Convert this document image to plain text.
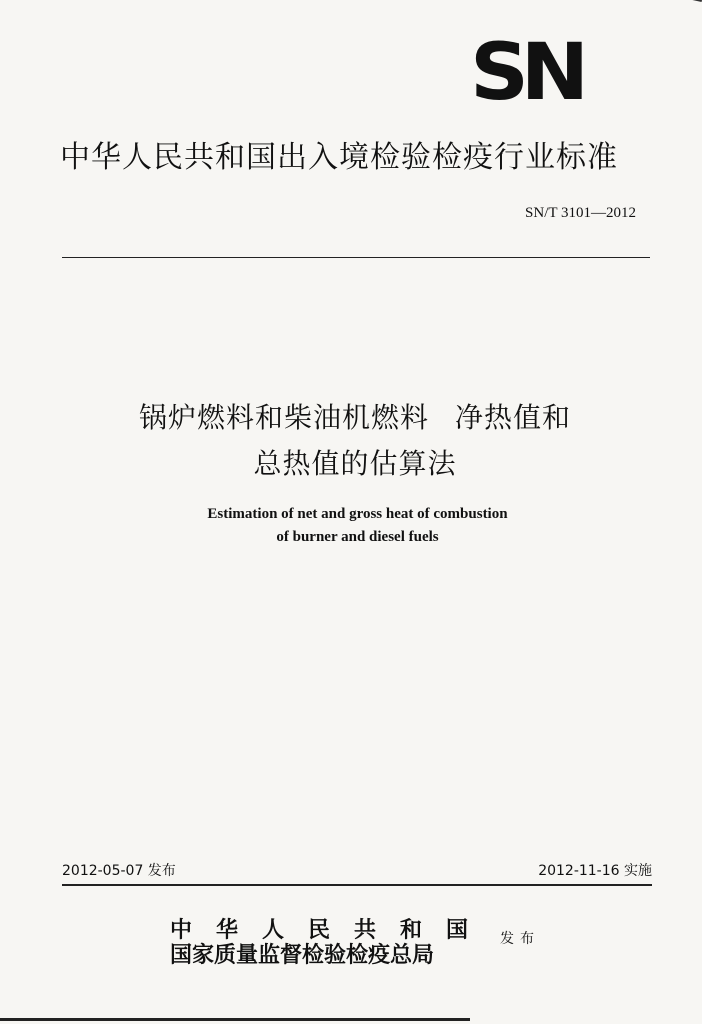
SN
中华人民共和国出入境检验检疫行业标准
SN/T 3101—2012
锅炉燃料和柴油机燃料 净热值和
总热值的估算法
Estimation of net and gross heat of combustion
of burner and diesel fuels
2012-05-07 发布	2012-11-16 实施
中华人民共和国
国家质量监督检验检疫总局
发布
